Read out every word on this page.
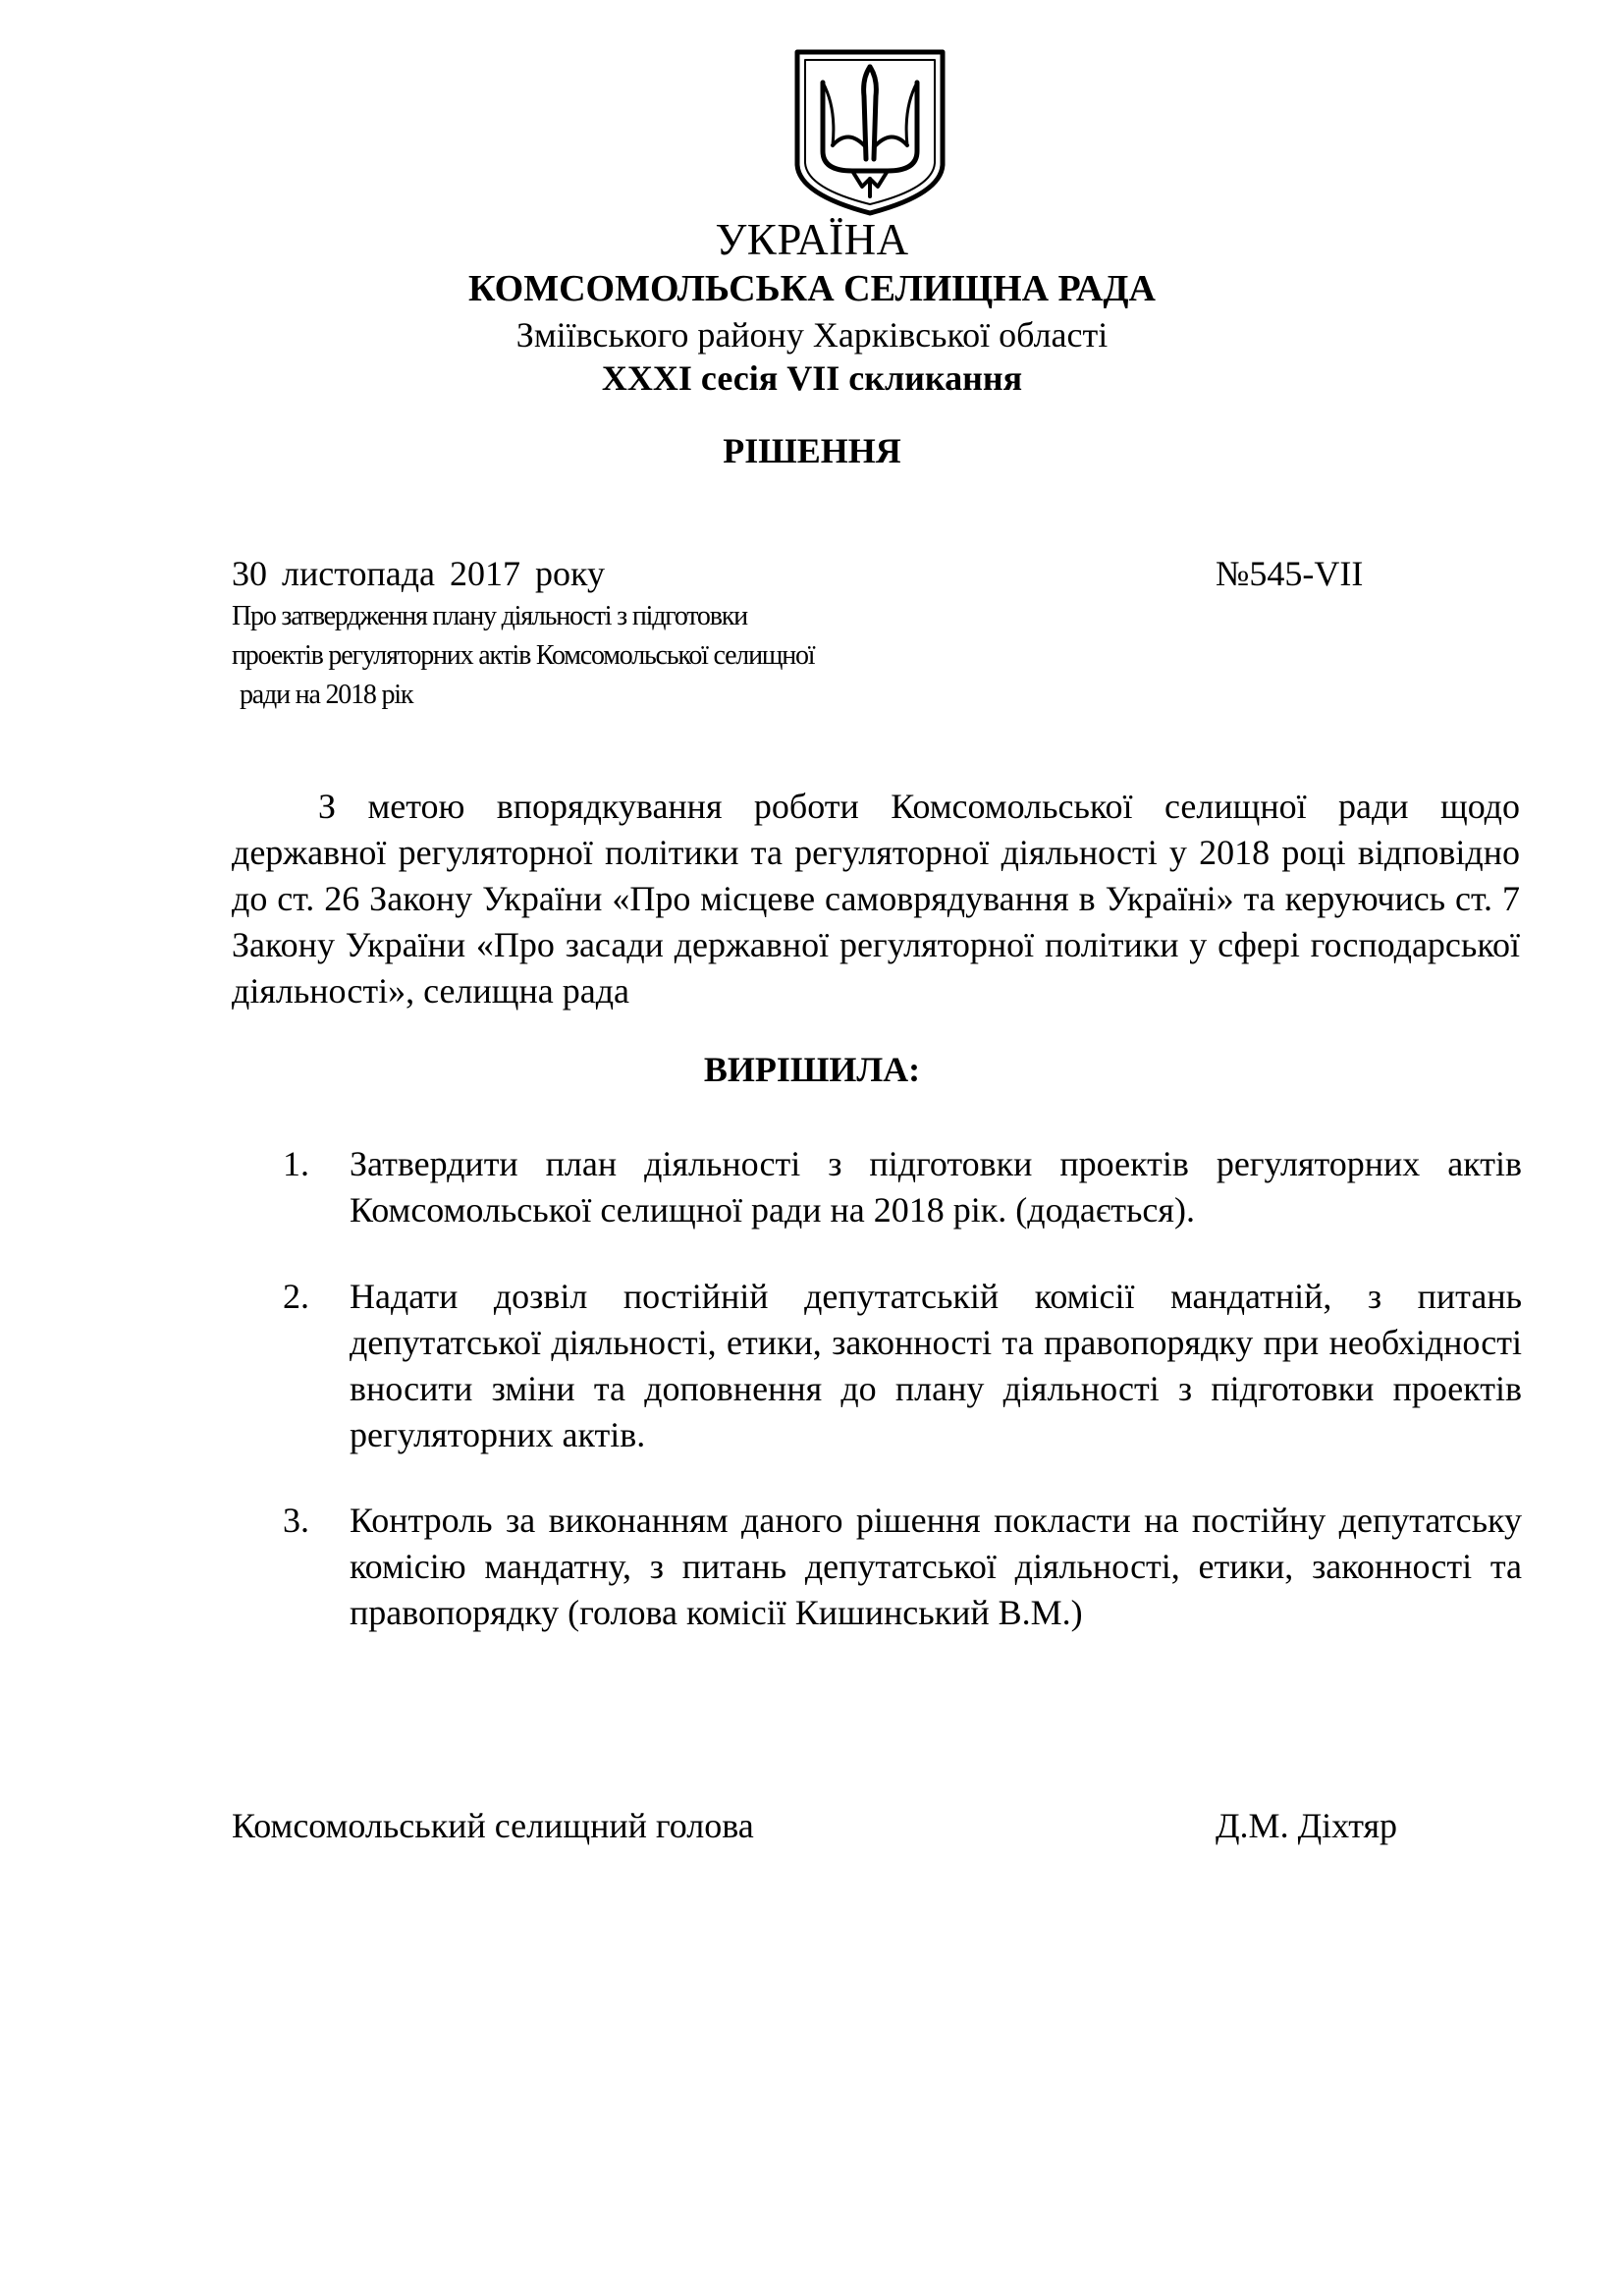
УКРАЇНА
КОМСОМОЛЬСЬКА СЕЛИЩНА РАДА
Зміївського району Харківської області
XXXI сесія VII скликання
РІШЕННЯ
30 листопада 2017 року	№545-VII
Про затвердження плану діяльності з підготовки
проектів регуляторних актів Комсомольської селищної
ради на 2018 рік
З метою впорядкування роботи Комсомольської селищної ради щодо державної регуляторної політики та регуляторної діяльності у 2018 році відповідно до ст. 26 Закону України «Про місцеве самоврядування в Україні» та керуючись ст. 7 Закону України «Про засади державної регуляторної політики у сфері господарської діяльності», селищна рада
ВИРІШИЛА:
1. Затвердити план діяльності з підготовки проектів регуляторних актів Комсомольської селищної ради на 2018 рік. (додається).
2. Надати дозвіл постійній депутатській комісії мандатній, з питань депутатської діяльності, етики, законності та правопорядку при необхідності вносити зміни та доповнення до плану діяльності з підготовки проектів регуляторних актів.
3. Контроль за виконанням даного рішення покласти на постійну депутатську комісію мандатну, з питань депутатської діяльності, етики, законності та правопорядку (голова комісії Кишинський В.М.)
Комсомольський селищний голова	Д.М. Діхтяр
